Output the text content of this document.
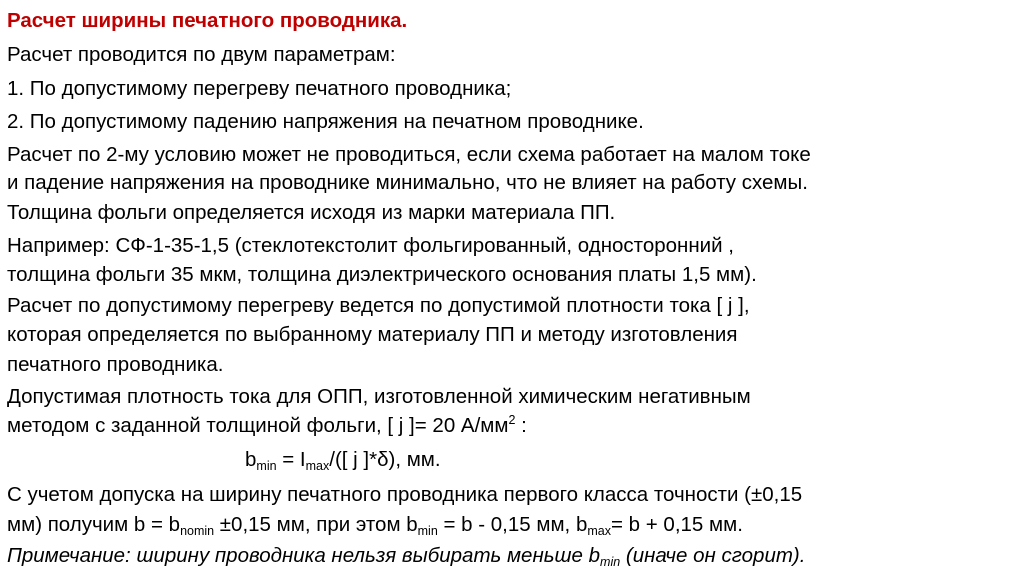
Расчет ширины печатного проводника.
Расчет проводится по двум параметрам:
1. По допустимому перегреву печатного проводника;
2. По допустимому падению напряжения на печатном проводнике.
Расчет по 2-му условию может не проводиться, если схема работает на малом токе
и падение напряжения на проводнике минимально, что не влияет на работу схемы.
Толщина фольги определяется исходя из марки материала ПП.
Например: СФ-1-35-1,5 (стеклотекстолит фольгированный, односторонний ,
толщина фольги 35 мкм, толщина диэлектрического основания платы 1,5 мм).
Расчет по допустимому перегреву ведется по допустимой плотности тока [ j ],
которая определяется по выбранному материалу ПП и методу изготовления
печатного проводника.
Допустимая плотность тока для ОПП, изготовленной химическим негативным
методом с заданной толщиной фольги, [ j ]= 20 $А/мм^2$ :
$b_{min} = I_{max}/$([ j ]*δ), мм.
С учетом допуска на ширину печатного проводника первого класса точности (±0,15
мм) получим $b = b_{nomin} \pm 0,15$ мм, при этом $b_{min} = b - 0,15$ мм, $b_{max}= b + 0,15$ мм.
Примечание: ширину проводника нельзя выбирать меньше $b_{min}$ (иначе он сгорит).
